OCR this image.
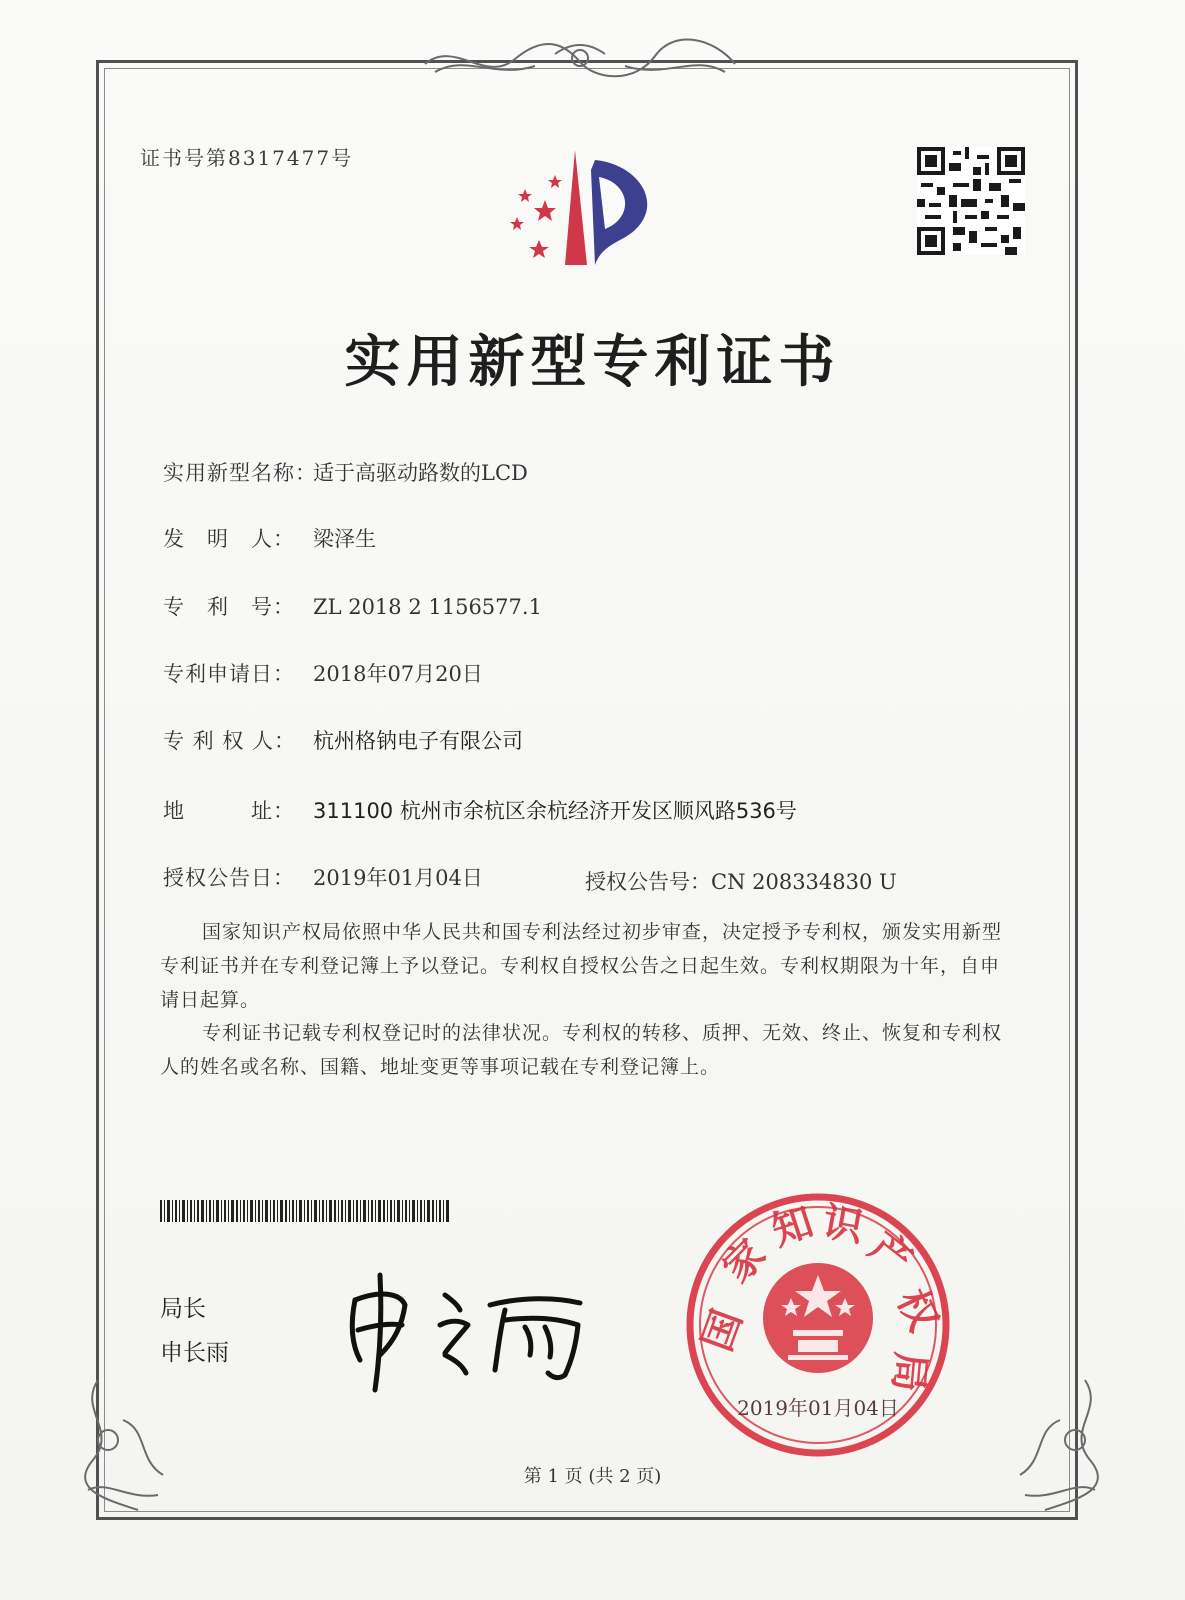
证书号第8317477号
实用新型专利证书
实用新型名称：适于高驱动路数的LCD
发　明　人： 梁泽生
专　利　号： ZL 2018 2 1156577.1
专利申请日： 2018年07月20日
专 利 权 人： 杭州格钠电子有限公司
地　　　址： 311100 杭州市余杭区余杭经济开发区顺风路536号
授权公告日： 2019年01月04日	授权公告号：CN 208334830 U
国家知识产权局依照中华人民共和国专利法经过初步审查，决定授予专利权，颁发实用新型专利证书并在专利登记簿上予以登记。专利权自授权公告之日起生效。专利权期限为十年，自申请日起算。
专利证书记载专利权登记时的法律状况。专利权的转移、质押、无效、终止、恢复和专利权人的姓名或名称、国籍、地址变更等事项记载在专利登记簿上。
局长
申长雨	国
家
知 识
产
权
局
2019年01月04日
第 1 页 (共 2 页)
